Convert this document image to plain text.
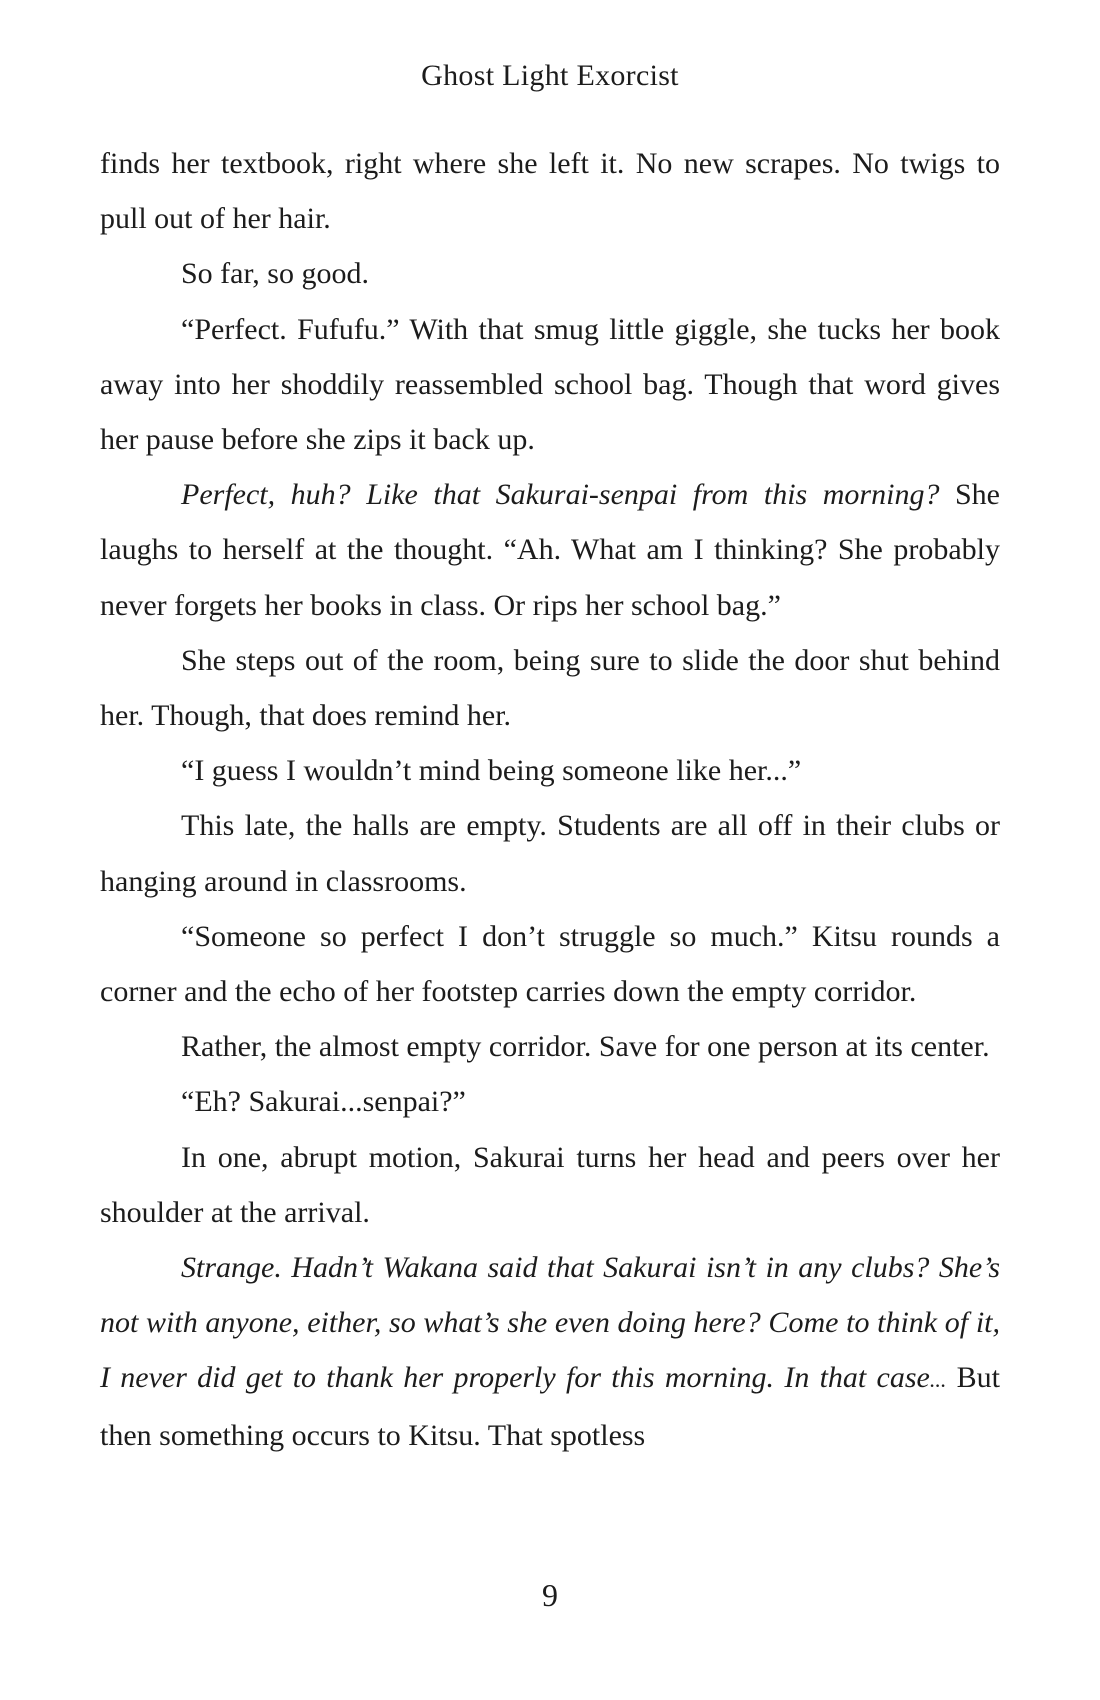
Ghost Light Exorcist

finds her textbook, right where she left it. No new scrapes. No twigs to pull out of her hair.

So far, so good.

“Perfect. Fufufu.” With that smug little giggle, she tucks her book away into her shoddily reassembled school bag. Though that word gives her pause before she zips it back up.

Perfect, huh? Like that Sakurai-senpai from this morning? She laughs to herself at the thought. “Ah. What am I thinking? She probably never forgets her books in class. Or rips her school bag.”

She steps out of the room, being sure to slide the door shut behind her. Though, that does remind her.

“I guess I wouldn’t mind being someone like her...”

This late, the halls are empty. Students are all off in their clubs or hanging around in classrooms.

“Someone so perfect I don’t struggle so much.” Kitsu rounds a corner and the echo of her footstep carries down the empty corridor.

Rather, the almost empty corridor. Save for one person at its center.

“Eh? Sakurai...senpai?”

In one, abrupt motion, Sakurai turns her head and peers over her shoulder at the arrival.

Strange. Hadn’t Wakana said that Sakurai isn’t in any clubs? She’s not with anyone, either, so what’s she even doing here? Come to think of it, I never did get to thank her properly for this morning. In that case... But then something occurs to Kitsu. That spotless

9
